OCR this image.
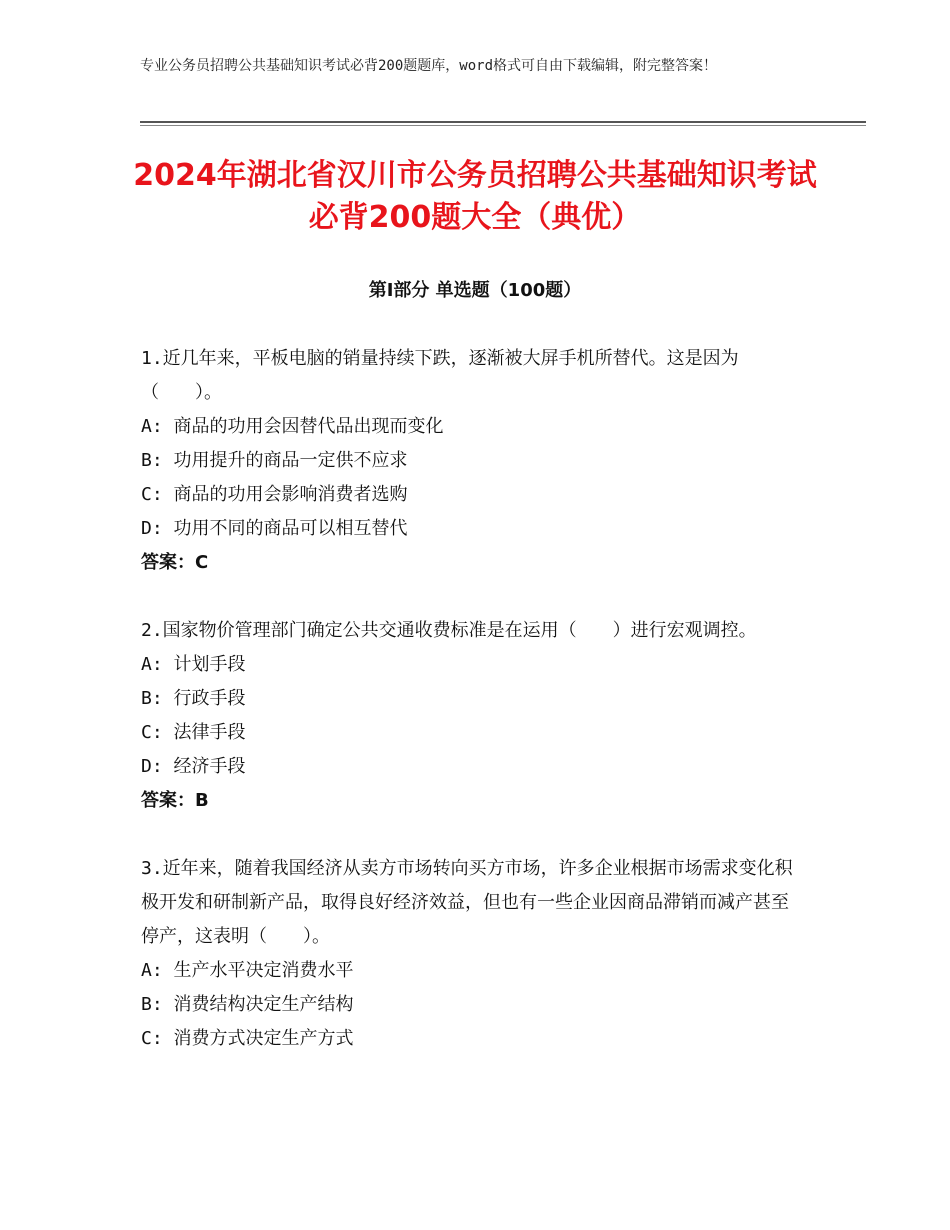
专业公务员招聘公共基础知识考试必背200题题库，word格式可自由下载编辑，附完整答案！
2024年湖北省汉川市公务员招聘公共基础知识考试必背200题大全（典优）
第Ⅰ部分 单选题（100题）

1.近几年来，平板电脑的销量持续下跌，逐渐被大屏手机所替代。这是因为（　　）。

A: 商品的功用会因替代品出现而变化

B: 功用提升的商品一定供不应求

C: 商品的功用会影响消费者选购

D: 功用不同的商品可以相互替代

答案：C

2.国家物价管理部门确定公共交通收费标准是在运用（　　）进行宏观调控。

A: 计划手段

B: 行政手段

C: 法律手段

D: 经济手段

答案：B

3.近年来，随着我国经济从卖方市场转向买方市场，许多企业根据市场需求变化积极开发和研制新产品，取得良好经济效益，但也有一些企业因商品滞销而减产甚至停产，这表明（　　）。

A: 生产水平决定消费水平

B: 消费结构决定生产结构

C: 消费方式决定生产方式
